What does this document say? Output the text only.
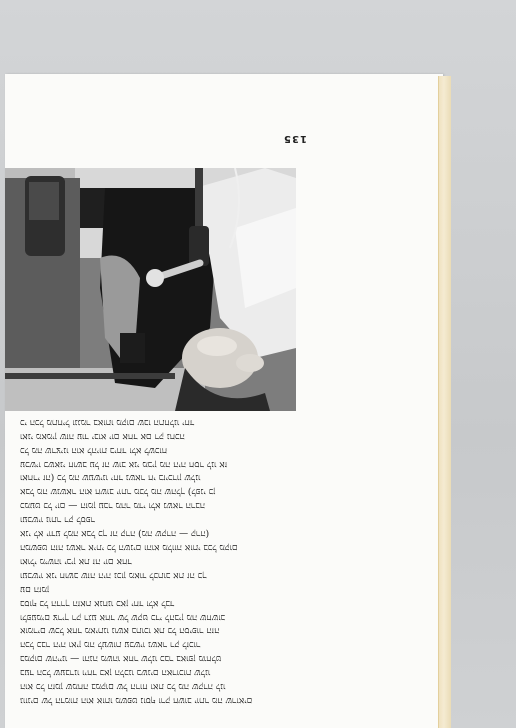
135

גוונים של הדמות הוא אותו משפט נוסף ורק חשוב יותר מה שרואים

הוא כל הזמן שמחה במקום של הרוח ואת כל מה שקרה לנו

בעד הכל שעברנו ויחד כאן הלכנו בשנים הארוכות שלנו

במקום שהיינו — והנה משהו אחר שלנו כבר באופן מוחלט

הכל כבר היה ואין מה לעשות עכשיו נשאר רק לזכור

אומרים שכל אחד מאיתנו נושא בתוכו את כל הסיפור הזה

ולפעמים צריך רק רגע אחד של שקט כדי להבין מה שחשוב

בסוף כל הדרך הזאת אנחנו כאן יחד ולא לבד

עם הזמן

ועכשיו אני חושב שזה היה נכון מאוד לכתוב את זה כך

ואולי מישהו יבין את זה יום אחד

המשפט הזה נשאר איתי כל השנים והוא מלווה אותי בכל מקום

אני לא יודע למה אבל כך זה קרה (מה שקרה — קרה)

ועכשיו נותר רק לספר

כמעט כל יום — הזמן עבר מהר מדי ולא נשאר הרבה

אבל מה שנשאר הוא חשוב יותר מכל מה שהלך (לפני כן

ואחרי זה) כל מה שעשינו יחד נשאר חי בזיכרון שלנו

עכשיו כשאני חושב על זה שוב אני מבין מה היה חסר לנו אז

כל מה שרצינו הוא להיות ביחד ולא לשכוח

ואני מאמין שזה עוד יבוא יום אחד אם רק נחכה

כי הכל מתחיל ונגמר באותו מקום שבו התחלנו יחד
